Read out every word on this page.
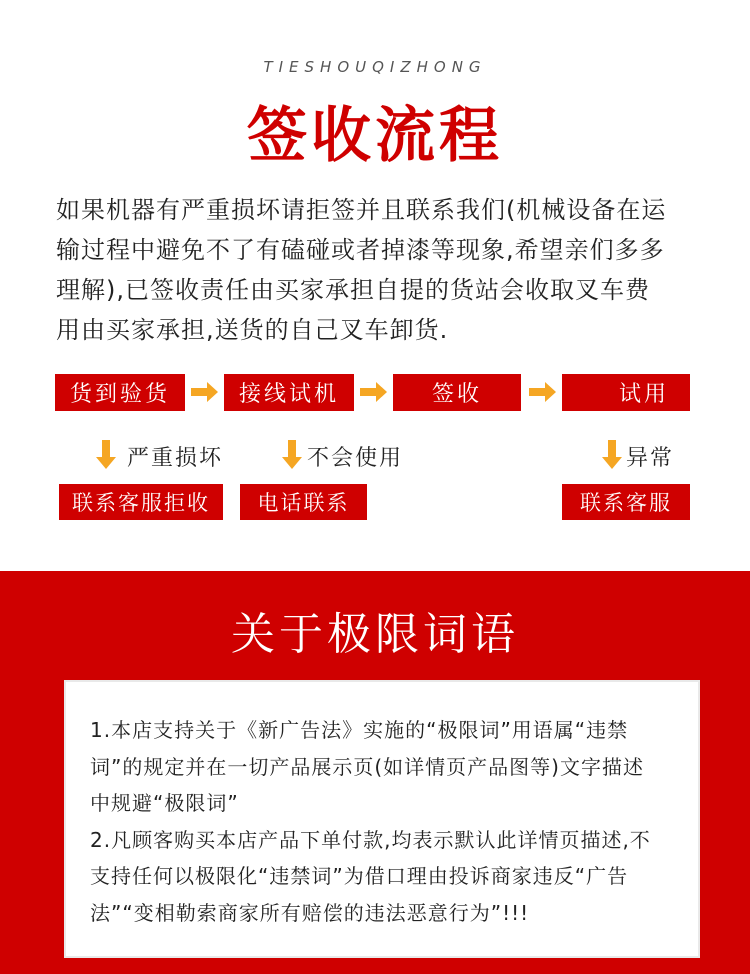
TIESHOUQIZHONG
签收流程
如果机器有严重损坏请拒签并且联系我们(机械设备在运
输过程中避免不了有磕碰或者掉漆等现象,希望亲们多多
理解),已签收责任由买家承担自提的货站会收取叉车费
用由买家承担,送货的自己叉车卸货.
货到验货	接线试机	签收	试用
严重损坏	不会使用	异常
联系客服拒收	电话联系	联系客服
关于极限词语
1.本店支持关于《新广告法》实施的“极限词”用语属“违禁
词”的规定并在一切产品展示页(如详情页产品图等)文字描述
中规避“极限词”
2.凡顾客购买本店产品下单付款,均表示默认此详情页描述,不
支持任何以极限化“违禁词”为借口理由投诉商家违反“广告
法”“变相勒索商家所有赔偿的违法恶意行为”!!!
